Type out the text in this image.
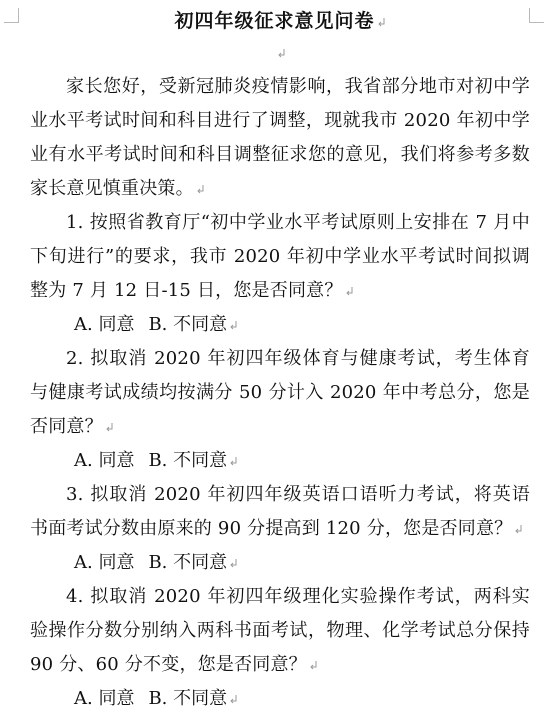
初四年级征求意见问卷

家长您好，受新冠肺炎疫情影响，我省部分地市对初中学业水平考试时间和科目进行了调整，现就我市 2020 年初中学业有水平考试时间和科目调整征求您的意见，我们将参考多数家长意见慎重决策。

1. 按照省教育厅“初中学业水平考试原则上安排在 7 月中下旬进行”的要求，我市 2020 年初中学业水平考试时间拟调整为 7 月 12 日-15 日，您是否同意？

A. 同意 B. 不同意

2. 拟取消 2020 年初四年级体育与健康考试，考生体育与健康考试成绩均按满分 50 分计入 2020 年中考总分，您是否同意？

A. 同意 B. 不同意

3. 拟取消 2020 年初四年级英语口语听力考试，将英语书面考试分数由原来的 90 分提高到 120 分，您是否同意？

A. 同意 B. 不同意

4. 拟取消 2020 年初四年级理化实验操作考试，两科实验操作分数分别纳入两科书面考试，物理、化学考试总分保持 90 分、60 分不变，您是否同意？

A. 同意 B. 不同意
